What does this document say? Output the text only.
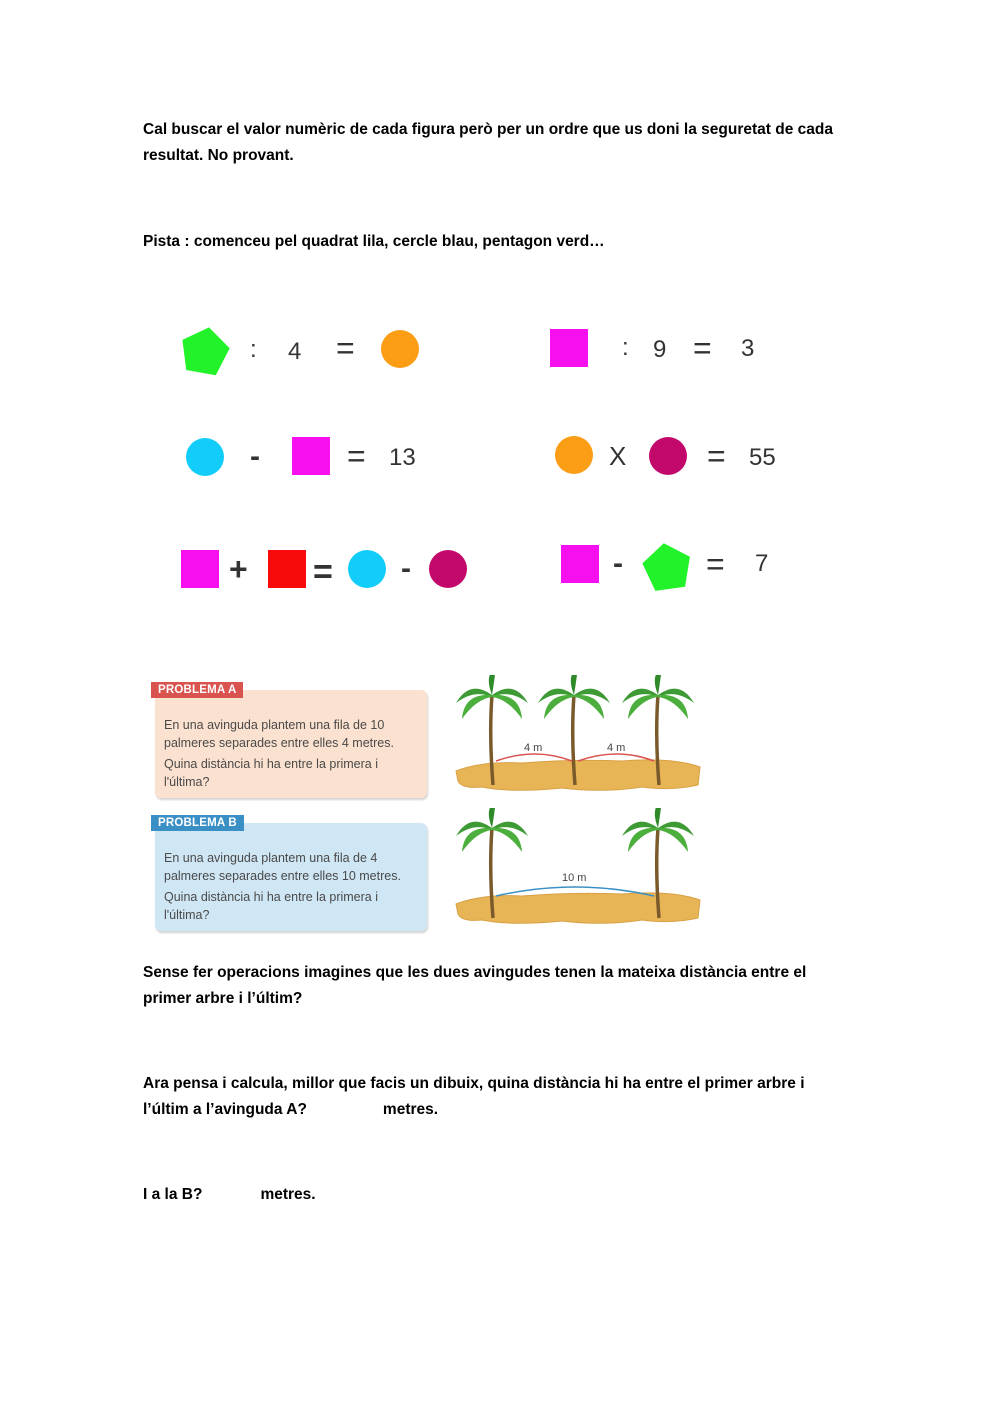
Cal buscar el valor numèric de cada figura però per un ordre que us doni la seguretat de cada

resultat. No provant.

Pista : comenceu pel quadrat lila, cercle blau, pentagon verd…

: 4 =	: 9 = 3
-	= 13	X	= 55
+ = -	-	= 7
PROBLEMA A

En una avinguda plantem una fila de 10

palmeres separades entre elles 4 metres.

Quina distància hi ha entre la primera i

l'última?

PROBLEMA B

En una avinguda plantem una fila de 4

palmeres separades entre elles 10 metres.

Quina distància hi ha entre la primera i

l'última?

4 m	4 m
10 m

Sense fer operacions imagines que les dues avingudes tenen la mateixa distància entre el

primer arbre i l’últim?

Ara pensa i calcula, millor que facis un dibuix, quina distància hi ha entre el primer arbre i

l’últim a l’avinguda A?	metres.

I a la B?	metres.
